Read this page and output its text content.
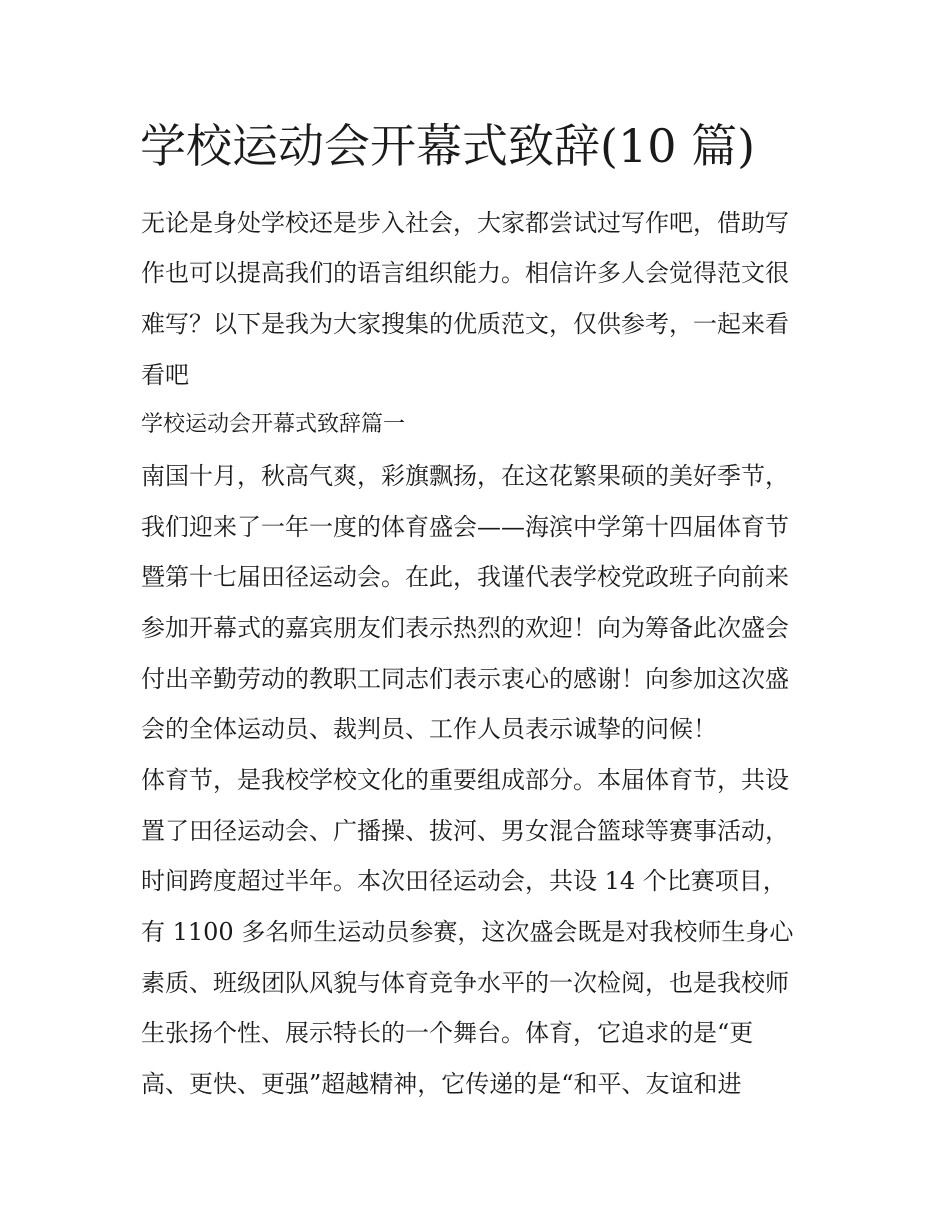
学校运动会开幕式致辞(10 篇)

无论是身处学校还是步入社会，大家都尝试过写作吧，借助写

作也可以提高我们的语言组织能力。相信许多人会觉得范文很

难写？以下是我为大家搜集的优质范文，仅供参考，一起来看

看吧

学校运动会开幕式致辞篇一

南国十月，秋高气爽，彩旗飘扬，在这花繁果硕的美好季节，

我们迎来了一年一度的体育盛会——海滨中学第十四届体育节

暨第十七届田径运动会。在此，我谨代表学校党政班子向前来

参加开幕式的嘉宾朋友们表示热烈的欢迎！向为筹备此次盛会

付出辛勤劳动的教职工同志们表示衷心的感谢！向参加这次盛

会的全体运动员、裁判员、工作人员表示诚挚的问候！

体育节，是我校学校文化的重要组成部分。本届体育节，共设

置了田径运动会、广播操、拔河、男女混合篮球等赛事活动，

时间跨度超过半年。本次田径运动会，共设 14 个比赛项目，

有 1100 多名师生运动员参赛，这次盛会既是对我校师生身心

素质、班级团队风貌与体育竞争水平的一次检阅，也是我校师

生张扬个性、展示特长的一个舞台。体育，它追求的是“更

高、更快、更强”超越精神，它传递的是“和平、友谊和进
